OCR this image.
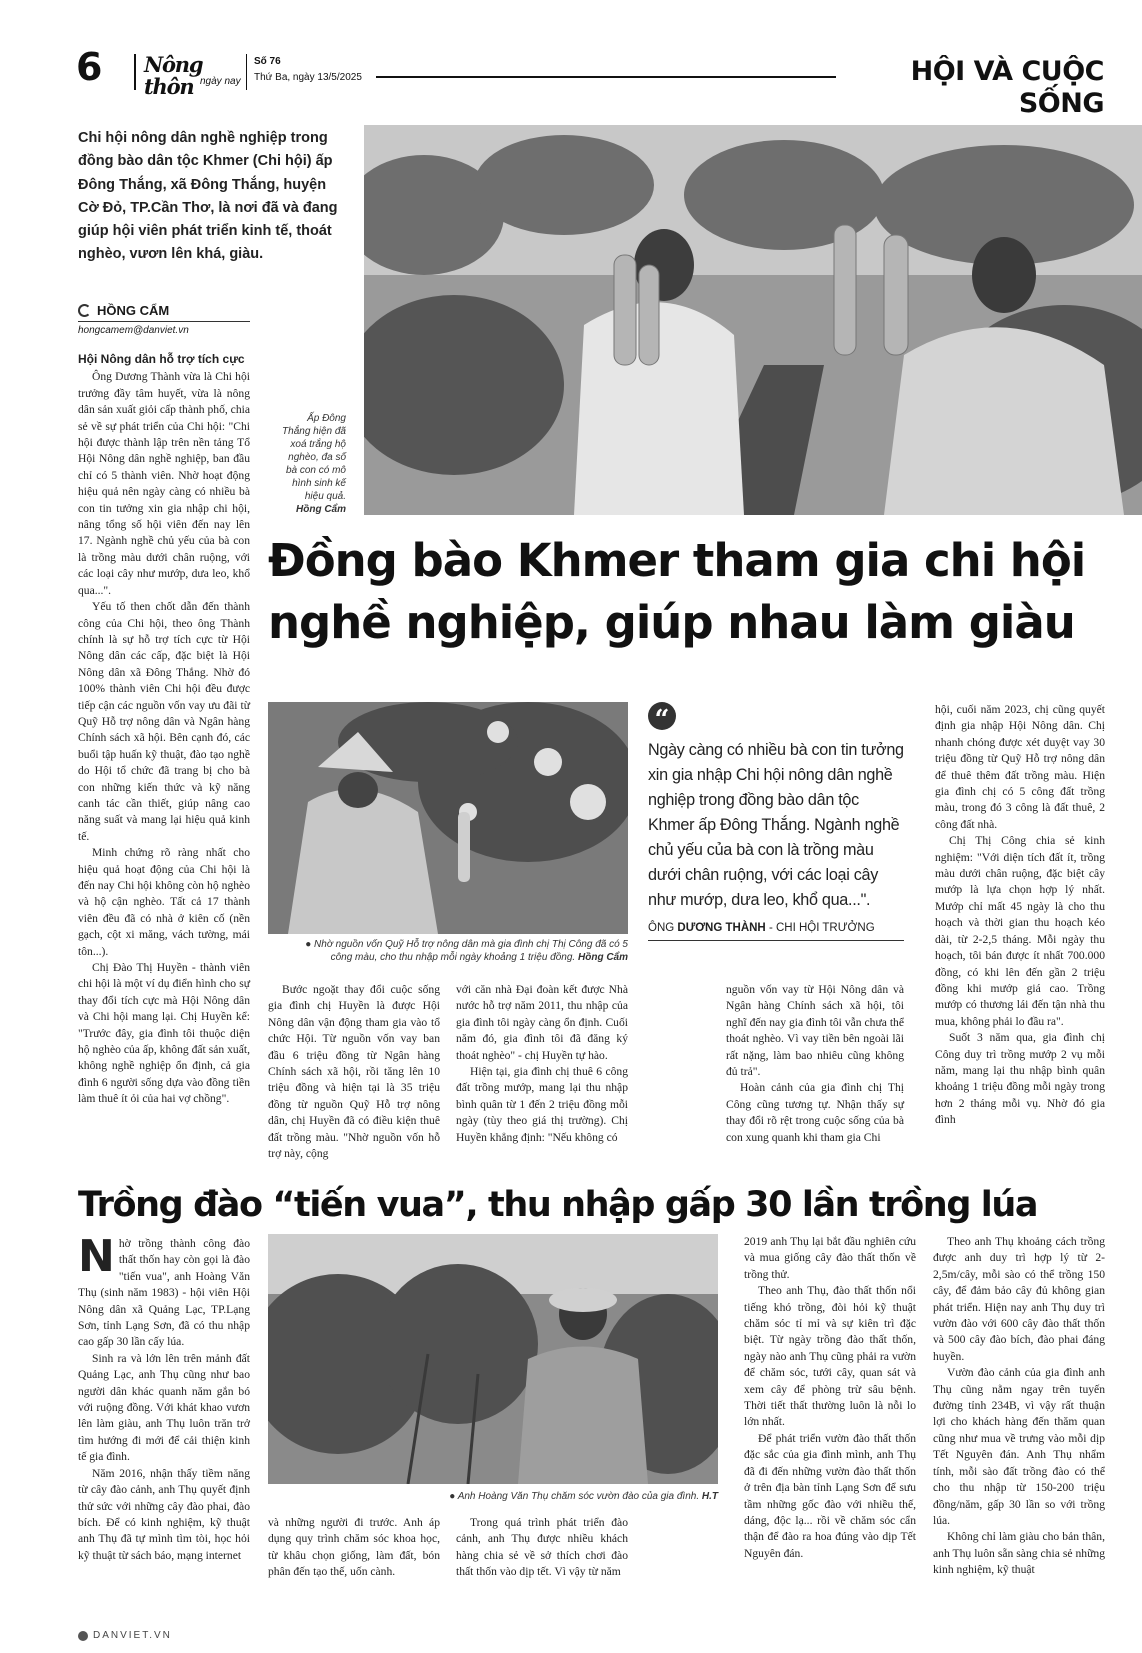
6 Nông thôn ngày nay
Số 76
Thứ Ba, ngày 13/5/2025	HỘI VÀ CUỘC SỐNG
Chi hội nông dân nghề nghiệp trong đồng bào dân tộc Khmer (Chi hội) ấp Đông Thắng, xã Đông Thắng, huyện Cờ Đỏ, TP.Cần Thơ, là nơi đã và đang giúp hội viên phát triển kinh tế, thoát nghèo, vươn lên khá, giàu.
HỒNG CẨM
hongcamem@danviet.vn
Ấp Đông Thắng hiện đã xoá trắng hộ nghèo, đa số bà con có mô hình sinh kế hiệu quả.
Hồng Cẩm
Hội Nông dân hỗ trợ tích cực

Ông Dương Thành vừa là Chi hội trưởng đầy tâm huyết, vừa là nông dân sản xuất giỏi cấp thành phố, chia sẻ về sự phát triển của Chi hội: "Chi hội được thành lập trên nền tảng Tổ Hội Nông dân nghề nghiệp, ban đầu chỉ có 5 thành viên. Nhờ hoạt động hiệu quả nên ngày càng có nhiều bà con tin tưởng xin gia nhập chi hội, nâng tổng số hội viên đến nay lên 17. Ngành nghề chủ yếu của bà con là trồng màu dưới chân ruộng, với các loại cây như mướp, dưa leo, khổ qua...".

Yếu tố then chốt dẫn đến thành công của Chi hội, theo ông Thành chính là sự hỗ trợ tích cực từ Hội Nông dân các cấp, đặc biệt là Hội Nông dân xã Đông Thắng. Nhờ đó 100% thành viên Chi hội đều được tiếp cận các nguồn vốn vay ưu đãi từ Quỹ Hỗ trợ nông dân và Ngân hàng Chính sách xã hội. Bên cạnh đó, các buổi tập huấn kỹ thuật, đào tạo nghề do Hội tổ chức đã trang bị cho bà con những kiến thức và kỹ năng canh tác cần thiết, giúp nâng cao năng suất và mang lại hiệu quả kinh tế.

Minh chứng rõ ràng nhất cho hiệu quả hoạt động của Chi hội là đến nay Chi hội không còn hộ nghèo và hộ cận nghèo. Tất cả 17 thành viên đều đã có nhà ở kiên cố (nền gạch, cột xi măng, vách tường, mái tôn...).

Chị Đào Thị Huyền - thành viên chi hội là một ví dụ điển hình cho sự thay đổi tích cực mà Hội Nông dân và Chi hội mang lại. Chị Huyền kể: "Trước đây, gia đình tôi thuộc diện hộ nghèo của ấp, không đất sản xuất, không nghề nghiệp ổn định, cả gia đình 6 người sống dựa vào đồng tiền làm thuê ít ỏi của hai vợ chồng".

Đồng bào Khmer tham gia chi hội
nghề nghiệp, giúp nhau làm giàu
● Nhờ nguồn vốn Quỹ Hỗ trợ nông dân mà gia đình chị Thị Công đã có 5 công màu, cho thu nhập mỗi ngày khoảng 1 triệu đồng. Hồng Cẩm
“
Ngày càng có nhiều bà con tin tưởng xin gia nhập Chi hội nông dân nghề nghiệp trong đồng bào dân tộc Khmer ấp Đông Thắng. Ngành nghề chủ yếu của bà con là trồng màu dưới chân ruộng, với các loại cây như mướp, dưa leo, khổ qua...".
ÔNG DƯƠNG THÀNH - CHI HỘI TRƯỞNG

Bước ngoặt thay đổi cuộc sống gia đình chị Huyền là được Hội Nông dân vận động tham gia vào tổ chức Hội. Từ nguồn vốn vay ban đầu 6 triệu đồng từ Ngân hàng Chính sách xã hội, rồi tăng lên 10 triệu đồng và hiện tại là 35 triệu đồng từ nguồn Quỹ Hỗ trợ nông dân, chị Huyền đã có điều kiện thuê đất trồng màu. "Nhờ nguồn vốn hỗ trợ này, cộng

với căn nhà Đại đoàn kết được Nhà nước hỗ trợ năm 2011, thu nhập của gia đình tôi ngày càng ổn định. Cuối năm đó, gia đình tôi đã đăng ký thoát nghèo" - chị Huyền tự hào.

Hiện tại, gia đình chị thuê 6 công đất trồng mướp, mang lại thu nhập bình quân từ 1 đến 2 triệu đồng mỗi ngày (tùy theo giá thị trường). Chị Huyền khẳng định: "Nếu không có

nguồn vốn vay từ Hội Nông dân và Ngân hàng Chính sách xã hội, tôi nghĩ đến nay gia đình tôi vẫn chưa thể thoát nghèo. Vì vay tiền bên ngoài lãi rất nặng, làm bao nhiêu cũng không đủ trả".

Hoàn cảnh của gia đình chị Thị Công cũng tương tự. Nhận thấy sự thay đổi rõ rệt trong cuộc sống của bà con xung quanh khi tham gia Chi

hội, cuối năm 2023, chị cũng quyết định gia nhập Hội Nông dân. Chị nhanh chóng được xét duyệt vay 30 triệu đồng từ Quỹ Hỗ trợ nông dân để thuê thêm đất trồng màu. Hiện gia đình chị có 5 công đất trồng màu, trong đó 3 công là đất thuê, 2 công đất nhà.

Chị Thị Công chia sẻ kinh nghiệm: "Với diện tích đất ít, trồng màu dưới chân ruộng, đặc biệt cây mướp là lựa chọn hợp lý nhất. Mướp chỉ mất 45 ngày là cho thu hoạch và thời gian thu hoạch kéo dài, từ 2-2,5 tháng. Mỗi ngày thu hoạch, tôi bán được ít nhất 700.000 đồng, có khi lên đến gần 2 triệu đồng khi mướp giá cao. Trồng mướp có thương lái đến tận nhà thu mua, không phải lo đầu ra".

Suốt 3 năm qua, gia đình chị Công duy trì trồng mướp 2 vụ mỗi năm, mang lại thu nhập bình quân khoảng 1 triệu đồng mỗi ngày trong hơn 2 tháng mỗi vụ. Nhờ đó gia đình

Trồng đào “tiến vua”, thu nhập gấp 30 lần trồng lúa

Nhờ trồng thành công đào thất thốn hay còn gọi là đào "tiến vua", anh Hoàng Văn Thụ (sinh năm 1983) - hội viên Hội Nông dân xã Quảng Lạc, TP.Lạng Sơn, tỉnh Lạng Sơn, đã có thu nhập cao gấp 30 lần cấy lúa.

Sinh ra và lớn lên trên mảnh đất Quảng Lạc, anh Thụ cũng như bao người dân khác quanh năm gắn bó với ruộng đồng. Với khát khao vươn lên làm giàu, anh Thụ luôn trăn trở tìm hướng đi mới để cải thiện kinh tế gia đình.

Năm 2016, nhận thấy tiềm năng từ cây đào cảnh, anh Thụ quyết định thử sức với những cây đào phai, đào bích. Để có kinh nghiệm, kỹ thuật anh Thụ đã tự mình tìm tòi, học hỏi kỹ thuật từ sách báo, mạng internet

● Anh Hoàng Văn Thụ chăm sóc vườn đào của gia đình. H.T

và những người đi trước. Anh áp dụng quy trình chăm sóc khoa học, từ khâu chọn giống, làm đất, bón phân đến tạo thế, uốn cành.

Trong quá trình phát triển đào cảnh, anh Thụ được nhiều khách hàng chia sẻ về sở thích chơi đào thất thốn vào dịp tết. Vì vậy từ năm

2019 anh Thụ lại bắt đầu nghiên cứu và mua giống cây đào thất thốn về trồng thử.

Theo anh Thụ, đào thất thốn nổi tiếng khó trồng, đòi hỏi kỹ thuật chăm sóc tỉ mỉ và sự kiên trì đặc biệt. Từ ngày trồng đào thất thốn, ngày nào anh Thụ cũng phải ra vườn để chăm sóc, tưới cây, quan sát và xem cây để phòng trừ sâu bệnh. Thời tiết thất thường luôn là nỗi lo lớn nhất.

Để phát triển vườn đào thất thốn đặc sắc của gia đình mình, anh Thụ đã đi đến những vườn đào thất thốn ở trên địa bàn tỉnh Lạng Sơn để sưu tầm những gốc đào với nhiều thế, dáng, độc lạ... rồi về chăm sóc cẩn thận để đào ra hoa đúng vào dịp Tết Nguyên đán.

Theo anh Thụ khoảng cách trồng được anh duy trì hợp lý từ 2-2,5m/cây, mỗi sào có thể trồng 150 cây, để đảm bảo cây đủ không gian phát triển. Hiện nay anh Thụ duy trì vườn đào với 600 cây đào thất thốn và 500 cây đào bích, đào phai đáng huyền.

Vườn đào cảnh của gia đình anh Thụ cũng nằm ngay trên tuyến đường tỉnh 234B, vì vậy rất thuận lợi cho khách hàng đến thăm quan cũng như mua về trưng vào mỗi dịp Tết Nguyên đán. Anh Thụ nhẩm tính, mỗi sào đất trồng đào có thể cho thu nhập từ 150-200 triệu đồng/năm, gấp 30 lần so với trồng lúa.

Không chỉ làm giàu cho bản thân, anh Thụ luôn sẵn sàng chia sẻ những kinh nghiệm, kỹ thuật

DANVIET.VN
